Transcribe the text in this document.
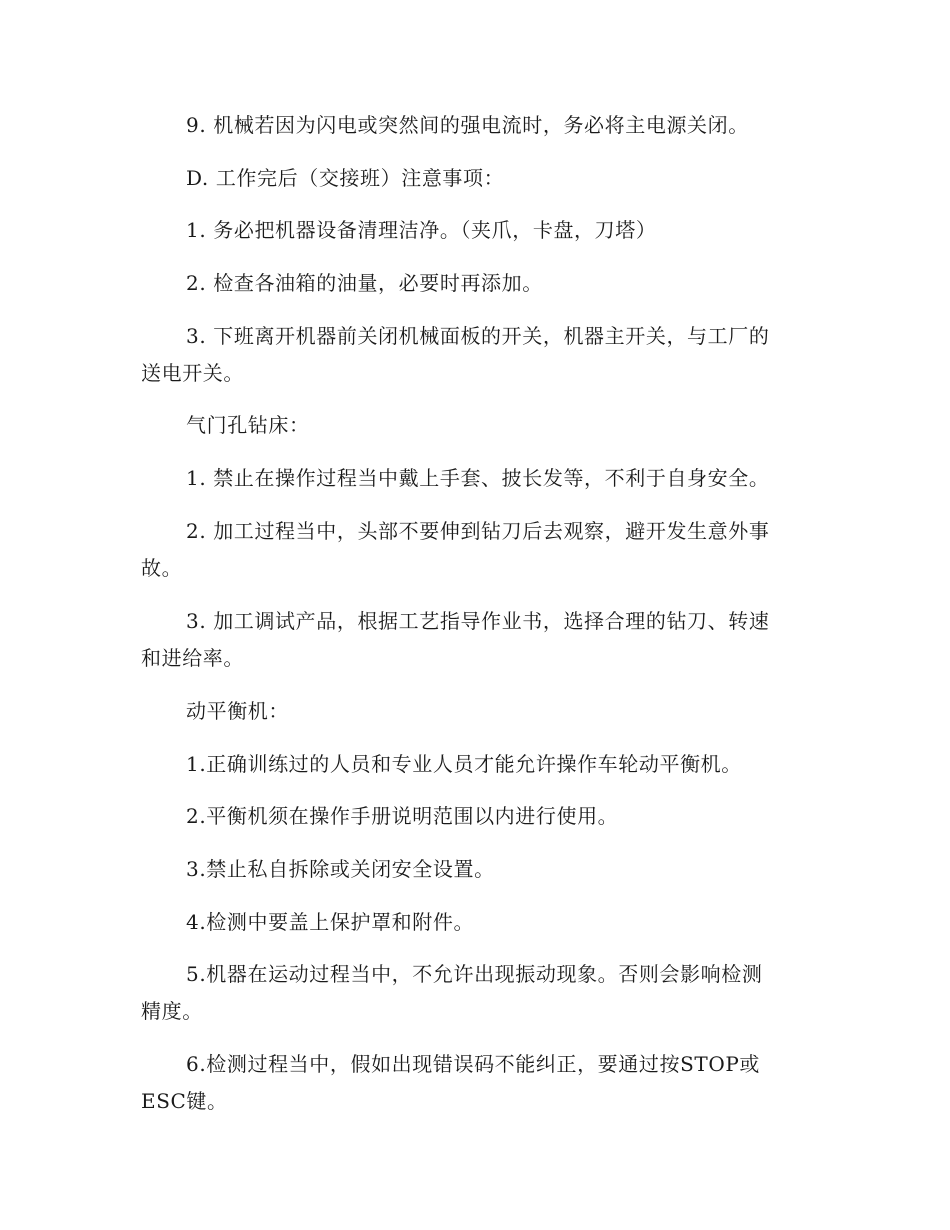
9. 机械若因为闪电或突然间的强电流时，务必将主电源关闭。

D. 工作完后（交接班）注意事项：

1. 务必把机器设备清理洁净。（夹爪，卡盘，刀塔）

2. 检查各油箱的油量，必要时再添加。

3. 下班离开机器前关闭机械面板的开关，机器主开关，与工厂的
送电开关。

气门孔钻床：

1. 禁止在操作过程当中戴上手套、披长发等，不利于自身安全。

2. 加工过程当中，头部不要伸到钻刀后去观察，避开发生意外事
故。

3. 加工调试产品，根据工艺指导作业书，选择合理的钻刀、转速
和进给率。

动平衡机：

1.正确训练过的人员和专业人员才能允许操作车轮动平衡机。

2.平衡机须在操作手册说明范围以内进行使用。

3.禁止私自拆除或关闭安全设置。

4.检测中要盖上保护罩和附件。

5.机器在运动过程当中，不允许出现振动现象。否则会影响检测
精度。

6.检测过程当中，假如出现错误码不能纠正，要通过按STOP或
ESC键。
